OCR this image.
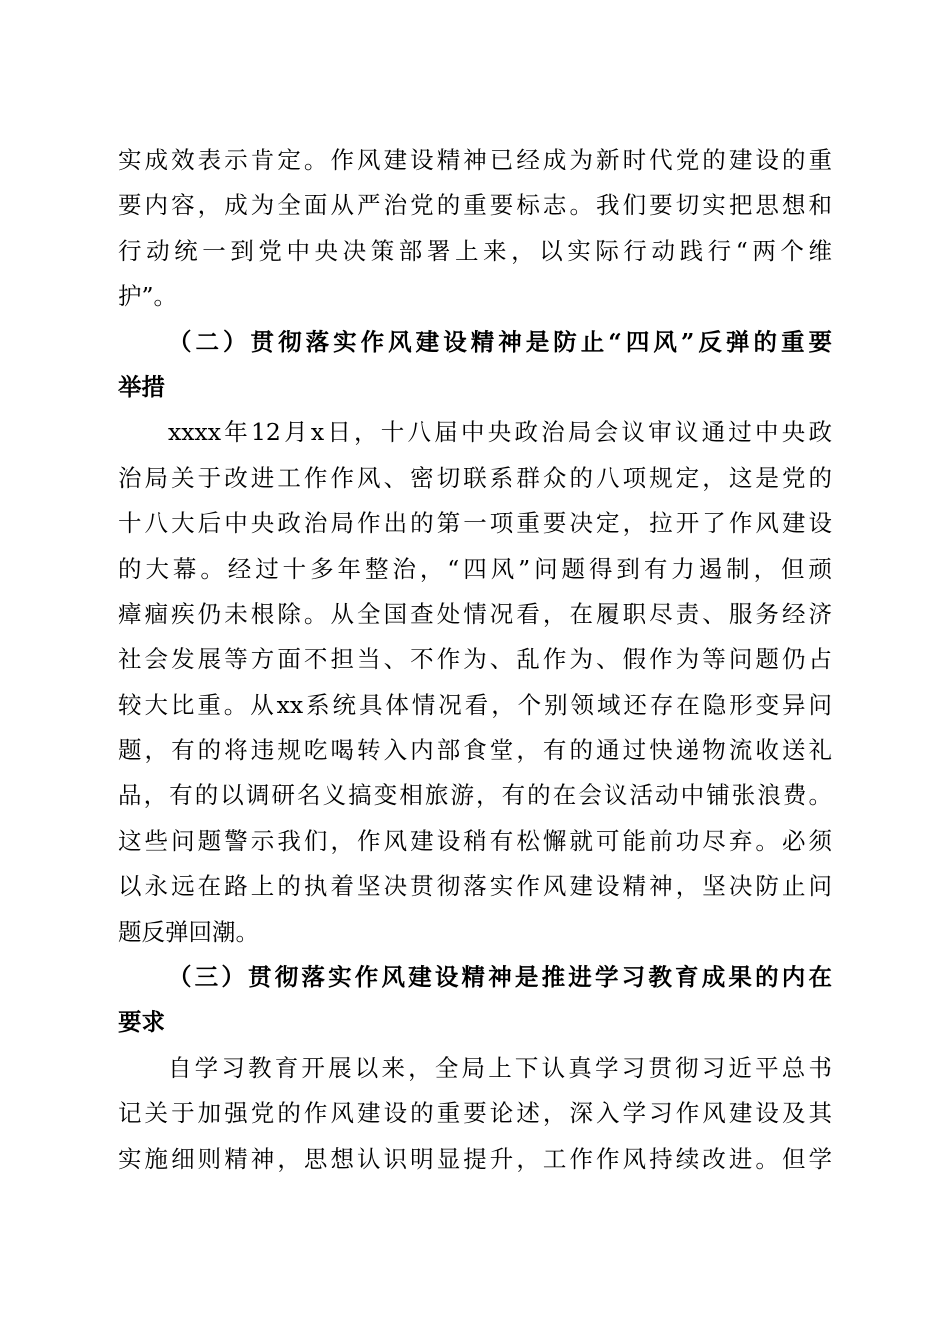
实成效表示肯定。作风建设精神已经成为新时代党的建设的重
要内容，成为全面从严治党的重要标志。我们要切实把思想和
行动统一到党中央决策部署上来，以实际行动践行“两个维
护”。
（二）贯彻落实作风建设精神是防止“四风”反弹的重要
举措
xxxx年12月x日，十八届中央政治局会议审议通过中央政
治局关于改进工作作风、密切联系群众的八项规定，这是党的
十八大后中央政治局作出的第一项重要决定，拉开了作风建设
的大幕。经过十多年整治，“四风”问题得到有力遏制，但顽
瘴痼疾仍未根除。从全国查处情况看，在履职尽责、服务经济
社会发展等方面不担当、不作为、乱作为、假作为等问题仍占
较大比重。从xx系统具体情况看，个别领域还存在隐形变异问
题，有的将违规吃喝转入内部食堂，有的通过快递物流收送礼
品，有的以调研名义搞变相旅游，有的在会议活动中铺张浪费。
这些问题警示我们，作风建设稍有松懈就可能前功尽弃。必须
以永远在路上的执着坚决贯彻落实作风建设精神，坚决防止问
题反弹回潮。
（三）贯彻落实作风建设精神是推进学习教育成果的内在
要求
自学习教育开展以来，全局上下认真学习贯彻习近平总书
记关于加强党的作风建设的重要论述，深入学习作风建设及其
实施细则精神，思想认识明显提升，工作作风持续改进。但学
